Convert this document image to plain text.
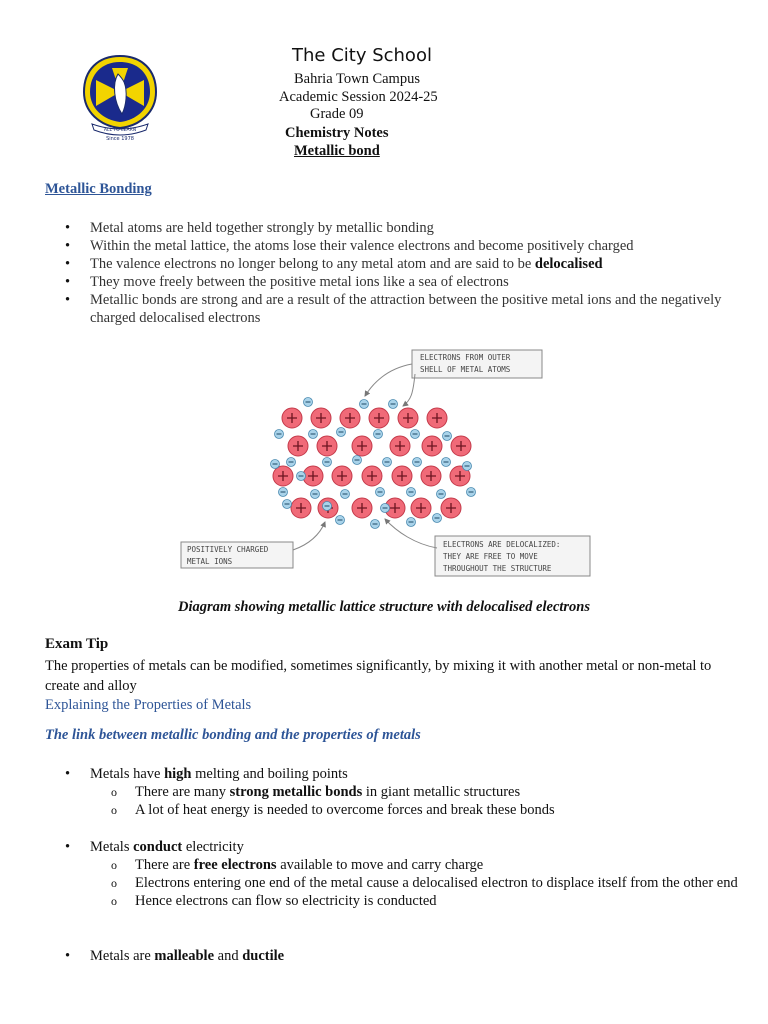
ALL TO LEARN
Since 1978
The City School
Bahria Town Campus
Academic Session 2024-25
Grade 09
Chemistry Notes
Metallic bond
Metallic Bonding
• Metal atoms are held together strongly by metallic bonding
• Within the metal lattice, the atoms lose their valence electrons and become positively charged
• The valence electrons no longer belong to any metal atom and are said to be delocalised
• They move freely between the positive metal ions like a sea of electrons
• Metallic bonds are strong and are a result of the attraction between the positive metal ions and the negatively charged delocalised electrons
ELECTRONS FROM OUTER
SHELL OF METAL ATOMS
POSITIVELY CHARGED
METAL IONS
ELECTRONS ARE DELOCALIZED:
THEY ARE FREE TO MOVE
THROUGHOUT THE STRUCTURE
Diagram showing metallic lattice structure with delocalised electrons
Exam Tip
The properties of metals can be modified, sometimes significantly, by mixing it with another metal or non-metal to create and alloy
Explaining the Properties of Metals
The link between metallic bonding and the properties of metals
• Metals have high melting and boiling points
o There are many strong metallic bonds in giant metallic structures
o A lot of heat energy is needed to overcome forces and break these bonds
• Metals conduct electricity
o There are free electrons available to move and carry charge
o Electrons entering one end of the metal cause a delocalised electron to displace itself from the other end
o Hence electrons can flow so electricity is conducted
• Metals are malleable and ductile
